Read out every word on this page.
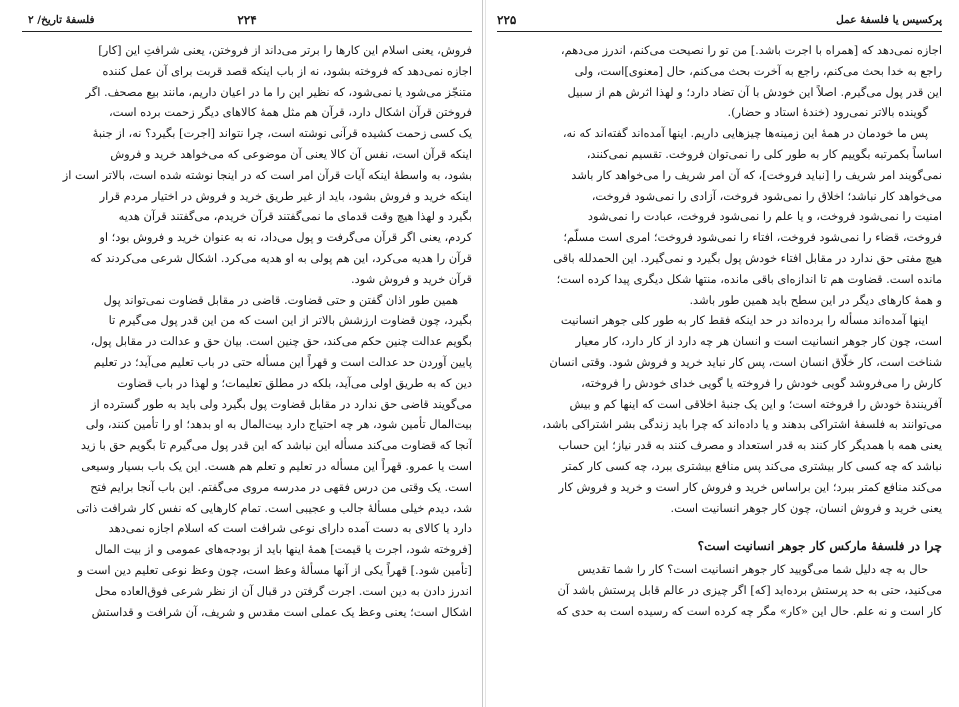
فلسفهٔ تاریخ/ ۲	۲۲۴

فروش، یعنی اسلام این کارها را برتر می‌داند از فروختن، یعنی شرافتِ این [کار]

اجازه نمی‌دهد که فروخته بشود، نه از باب اینکه قصد قربت برای آن عمل کننده

متنجّز می‌شود یا نمی‌شود، که نظیر این را ما در اعیان داریم، مانند بیع مصحف. اگر

فروختن قرآن اشکال دارد، قرآن هم مثل همهٔ کالاهای دیگر زحمت برده است،

یک کسی زحمت کشیده قرآنی نوشته است، چرا نتواند [اجرت] بگیرد؟ نه، از جنبهٔ

اینکه قرآن است، نفس آن کالا یعنی آن موضوعی که می‌خواهد خرید و فروش

بشود، به واسطهٔ اینکه آیات قرآن امر است که در اینجا نوشته شده است، بالاتر است از

اینکه خرید و فروش بشود، باید از غیر طریق خرید و فروش در اختیار مردم قرار

بگیرد و لهذا هیچ وقت قدمای ما نمی‌گفتند قرآن خریدم، می‌گفتند قرآن هدیه

کردم، یعنی اگر قرآن می‌گرفت و پول می‌داد، نه به عنوان خرید و فروش بود؛ او

قرآن را هدیه می‌کرد، این هم پولی به او هدیه می‌کرد. اشکال شرعی می‌کردند که

قرآن خرید و فروش شود.

همین طور اذان گفتن و حتی قضاوت. قاضی در مقابل قضاوت نمی‌تواند پول

بگیرد، چون قضاوت ارزشش بالاتر از این است که من این قدر پول می‌گیرم تا

بگویم عدالت چنین حکم می‌کند، حق چنین است. بیان حق و عدالت در مقابل پول،

پایین آوردن حد عدالت است و قهراً این مسأله حتی در باب تعلیم می‌آید؛ در تعلیم

دین که به طریق اولی می‌آید، بلکه در مطلق تعلیمات؛ و لهذا در باب قضاوت

می‌گویند قاضی حق ندارد در مقابل قضاوت پول بگیرد ولی باید به طور گسترده از

بیت‌المال تأمین شود، هر چه احتیاج دارد بیت‌المال به او بدهد؛ او را تأمین کنند، ولی

آنجا که قضاوت می‌کند مسأله این نباشد که این قدر پول می‌گیرم تا بگویم حق با زید

است یا عمرو. قهراً این مسأله در تعلیم و تعلم هم هست. این یک باب بسیار وسیعی

است. یک وقتی من درس فقهی در مدرسه مروی می‌گفتم. این باب آنجا برایم فتح

شد، دیدم خیلی مسألهٔ جالب و عجیبی است. تمام کارهایی که نفس کار شرافت ذاتی

دارد یا کالای به دست آمده دارای نوعی شرافت است که اسلام اجازه نمی‌دهد

[فروخته شود، اجرت یا قیمت] همهٔ اینها باید از بودجه‌های عمومی و از بیت المال

[تأمین شود.] قهراً یکی از آنها مسألهٔ وعظ است، چون وعظ نوعی تعلیم دین است و

اندرز دادن به دین است. اجرت گرفتن در قبال آن از نظر شرعی فوق‌العاده محل

اشکال است؛ یعنی وعظ یک عملی است مقدس و شریف، آن شرافت و قداستش

پرکسیس یا فلسفهٔ عمل
۲۲۵

اجازه نمی‌دهد که [همراه با اجرت باشد.] من تو را نصیحت می‌کنم، اندرز می‌دهم،

راجع به خدا بحث می‌کنم، راجع به آخرت بحث می‌کنم، حال [معنوی]است، ولی

این قدر پول می‌گیرم. اصلاً این خودش با آن تضاد دارد؛ و لهذا اثرش هم از سبیل

گوینده بالاتر نمی‌رود (خندهٔ استاد و حضار).

پس ما خودمان در همهٔ این زمینه‌ها چیزهایی داریم. اینها آمده‌اند گفته‌اند که نه،

اساساً بکمرتبه بگوییم کار به طور کلی را نمی‌توان فروخت. تقسیم نمی‌کنند،

نمی‌گویند امر شریف را [نباید فروخت]، که آن امر شریف را می‌خواهد کار باشد

می‌خواهد کار نباشد؛ اخلاق را نمی‌شود فروخت، آزادی را نمی‌شود فروخت،

امنیت را نمی‌شود فروخت، و یا علم را نمی‌شود فروخت، عبادت را نمی‌شود

فروخت، قضاء را نمی‌شود فروخت، افتاء را نمی‌شود فروخت؛ امری است مسلّم؛

هیچ مفتی حق ندارد در مقابل افتاء خودش پول بگیرد و نمی‌گیرد. این الحمدلله باقی

مانده است. قضاوت هم تا اندازه‌ای باقی مانده، منتها شکل دیگری پیدا کرده است؛

و همهٔ کارهای دیگر در این سطح باید همین طور باشد.

اینها آمده‌اند مسأله را برده‌اند در حد اینکه فقط کار به طور کلی جوهر انسانیت

است، چون کار جوهر انسانیت است و انسان هر چه دارد از کار دارد، کار معیار

شناخت است، کار خلّاق انسان است، پس کار نباید خرید و فروش شود. وقتی انسان

کارش را می‌فروشد گویی خودش را فروخته یا گویی خدای خودش را فروخته،

آفرینندهٔ خودش را فروخته است؛ و این یک جنبهٔ اخلاقی است که اینها کم و بیش

می‌توانند به فلسفهٔ اشتراکی بدهند و یا داده‌اند که چرا باید زندگی بشر اشتراکی باشد،

یعنی همه با همدیگر کار کنند به قدر استعداد و مصرف کنند به قدر نیاز؛ این حساب

نباشد که چه کسی کار بیشتری می‌کند پس منافع بیشتری ببرد، چه کسی کار کمتر

می‌کند منافع کمتر ببرد؛ این براساس خرید و فروش کار است و خرید و فروش کار

یعنی خرید و فروش انسان، چون کار جوهر انسانیت است.

چرا در فلسفهٔ مارکس کار جوهر انسانیت است؟

حال به چه دلیل شما می‌گویید کار جوهر انسانیت است؟ کار را شما تقدیس

می‌کنید، حتی به حد پرستش برده‌اید [که] اگر چیزی در عالم قابل پرستش باشد آن

کار است و نه علم. حال این «کار» مگر چه کرده است که رسیده است به حدی که
